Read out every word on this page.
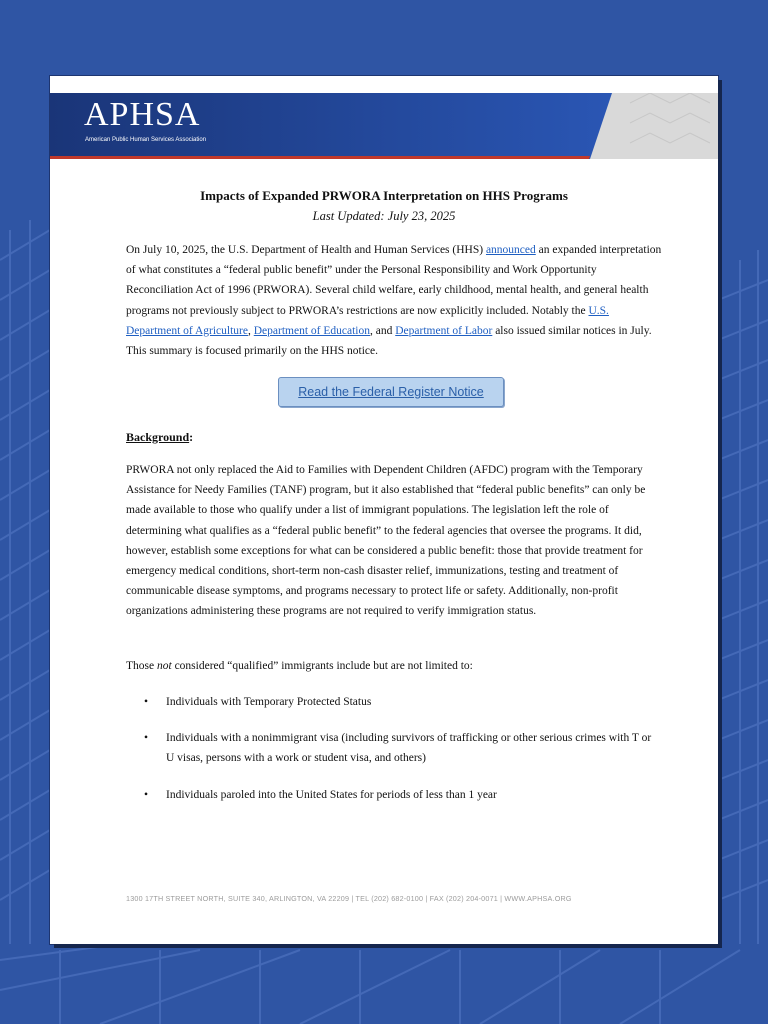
APHSA
American Public Human Services Association
Impacts of Expanded PRWORA Interpretation on HHS Programs
Last Updated: July 23, 2025

On July 10, 2025, the U.S. Department of Health and Human Services (HHS) announced an expanded interpretation of what constitutes a “federal public benefit” under the Personal Responsibility and Work Opportunity Reconciliation Act of 1996 (PRWORA). Several child welfare, early childhood, mental health, and general health programs not previously subject to PRWORA’s restrictions are now explicitly included. Notably the U.S. Department of Agriculture, Department of Education, and Department of Labor also issued similar notices in July. This summary is focused primarily on the HHS notice.

Read the Federal Register Notice
Background:

PRWORA not only replaced the Aid to Families with Dependent Children (AFDC) program with the Temporary Assistance for Needy Families (TANF) program, but it also established that “federal public benefits” can only be made available to those who qualify under a list of immigrant populations. The legislation left the role of determining what qualifies as a “federal public benefit” to the federal agencies that oversee the programs. It did, however, establish some exceptions for what can be considered a public benefit: those that provide treatment for emergency medical conditions, short-term non-cash disaster relief, immunizations, testing and treatment of communicable disease symptoms, and programs necessary to protect life or safety. Additionally, non-profit organizations administering these programs are not required to verify immigration status.

Those not considered “qualified” immigrants include but are not limited to:

• Individuals with Temporary Protected Status
• Individuals with a nonimmigrant visa (including survivors of trafficking or other serious crimes with T or U visas, persons with a work or student visa, and others)
• Individuals paroled into the United States for periods of less than 1 year
1300 17TH STREET NORTH, SUITE 340, ARLINGTON, VA 22209 | TEL (202) 682-0100 | FAX (202) 204-0071 | WWW.APHSA.ORG
